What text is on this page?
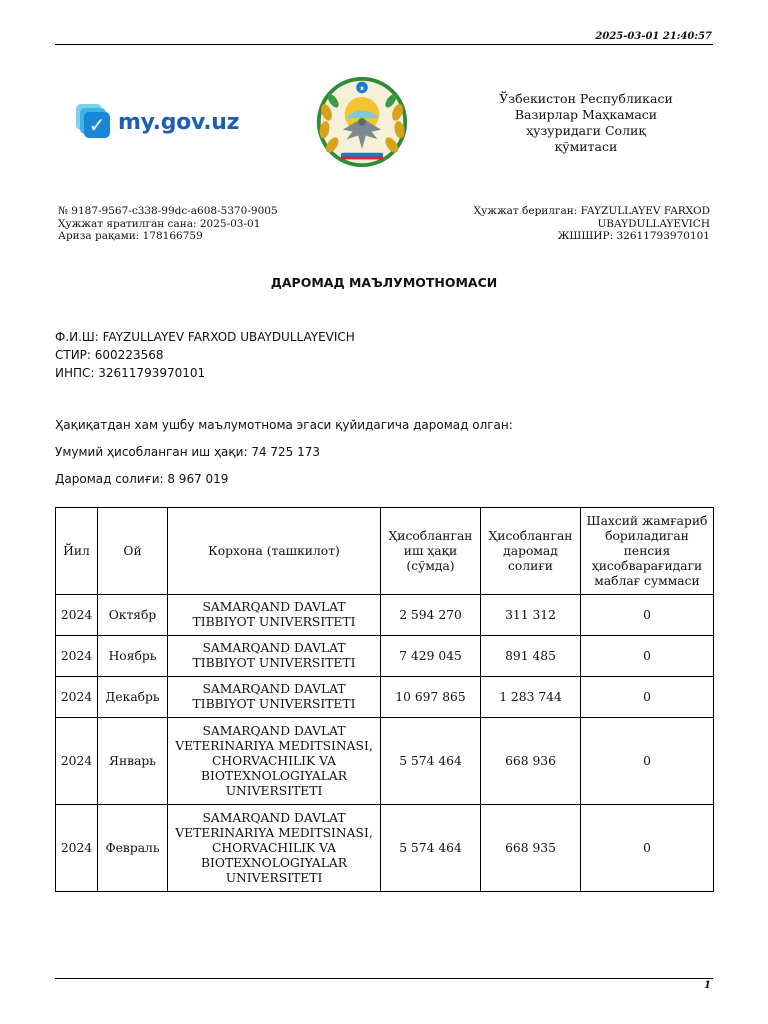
2025-03-01 21:40:57
✓ my.gov.uz
★
Ўзбекистон Республикаси
Вазирлар Маҳкамаси
ҳузуридаги Солиқ
қўмитаси
№ 9187-9567-c338-99dc-a608-5370-9005
Ҳужжат яратилган сана: 2025-03-01
Ариза рақами: 178166759
Ҳужжат берилган: FAYZULLAYEV FARXOD UBAYDULLAYEVICH
ЖШШИР: 32611793970101
ДАРОМАД МАЪЛУМОТНОМАСИ
Ф.И.Ш: FAYZULLAYEV FARXOD UBAYDULLAYEVICH
СТИР: 600223568
ИНПС: 32611793970101
Ҳақиқатдан хам ушбу маълумотнома эгаси қуйидагича даромад олган:
Умумий ҳисобланган иш ҳақи: 74 725 173
Даромад солиғи: 8 967 019
Йил	Ой	Корхона (ташкилот)	Ҳисобланган иш ҳақи (сўмда)	Ҳисобланган даромад солиғи	Шахсий жамғариб бориладиган пенсия ҳисобварағидаги маблағ суммаси
2024	Октябр	SAMARQAND DAVLAT TIBBIYOT UNIVERSITETI	2 594 270	311 312	0
2024	Ноябрь	SAMARQAND DAVLAT TIBBIYOT UNIVERSITETI	7 429 045	891 485	0
2024	Декабрь	SAMARQAND DAVLAT TIBBIYOT UNIVERSITETI	10 697 865	1 283 744	0
2024	Январь	SAMARQAND DAVLAT VETERINARIYA MEDITSINASI, CHORVACHILIK VA BIOTEXNOLOGIYALAR UNIVERSITETI	5 574 464	668 936	0
2024	Февраль	SAMARQAND DAVLAT VETERINARIYA MEDITSINASI, CHORVACHILIK VA BIOTEXNOLOGIYALAR UNIVERSITETI	5 574 464	668 935	0
1
